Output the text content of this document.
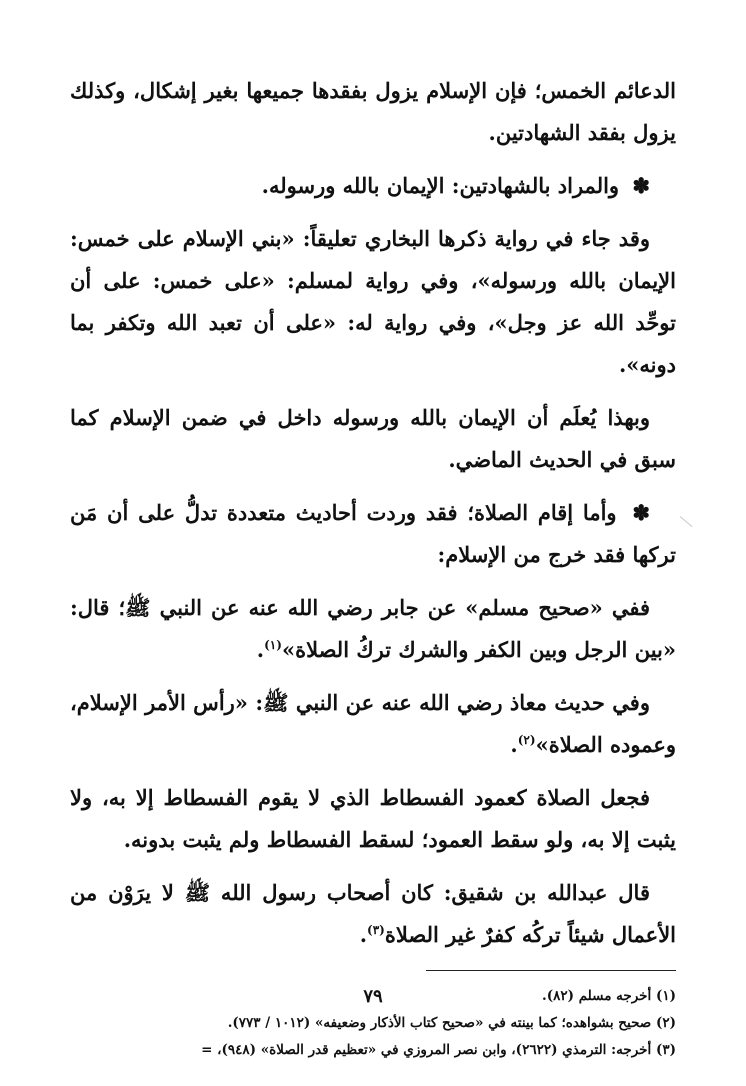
الدعائم الخمس؛ فإن الإسلام يزول بفقدها جميعها بغير إشكال، وكذلك يزول بفقد الشهادتين.

✽ والمراد بالشهادتين: الإيمان بالله ورسوله.

وقد جاء في رواية ذكرها البخاري تعليقاً: «بني الإسلام على خمس: الإيمان بالله ورسوله»، وفي رواية لمسلم: «على خمس: على أن توحِّد الله عز وجل»، وفي رواية له: «على أن تعبد الله وتكفر بما دونه».

وبهذا يُعلَم أن الإيمان بالله ورسوله داخل في ضمن الإسلام كما سبق في الحديث الماضي.

✽ وأما إقام الصلاة؛ فقد وردت أحاديث متعددة تدلُّ على أن مَن تركها فقد خرج من الإسلام:

ففي «صحيح مسلم» عن جابر رضي الله عنه عن النبي ﷺ؛ قال: «بين الرجل وبين الكفر والشرك تركُ الصلاة»$^{(١)}$.

وفي حديث معاذ رضي الله عنه عن النبي ﷺ: «رأس الأمر الإسلام، وعموده الصلاة»$^{(٢)}$.

فجعل الصلاة كعمود الفسطاط الذي لا يقوم الفسطاط إلا به، ولا يثبت إلا به، ولو سقط العمود؛ لسقط الفسطاط ولم يثبت بدونه.

قال عبدالله بن شقيق: كان أصحاب رسول الله ﷺ لا يرَوْن من الأعمال شيئاً تركُه كفرٌ غير الصلاة$^{(٣)}$.

(١) أخرجه مسلم (٨٢).

(٢) صحيح بشواهده؛ كما بينته في «صحيح كتاب الأذكار وضعيفه» (١٠١٢ / ٧٧٣).

(٣) أخرجه: الترمذي (٢٦٢٢)، وابن نصر المروزي في «تعظيم قدر الصلاة» (٩٤٨)، =

٧٩
